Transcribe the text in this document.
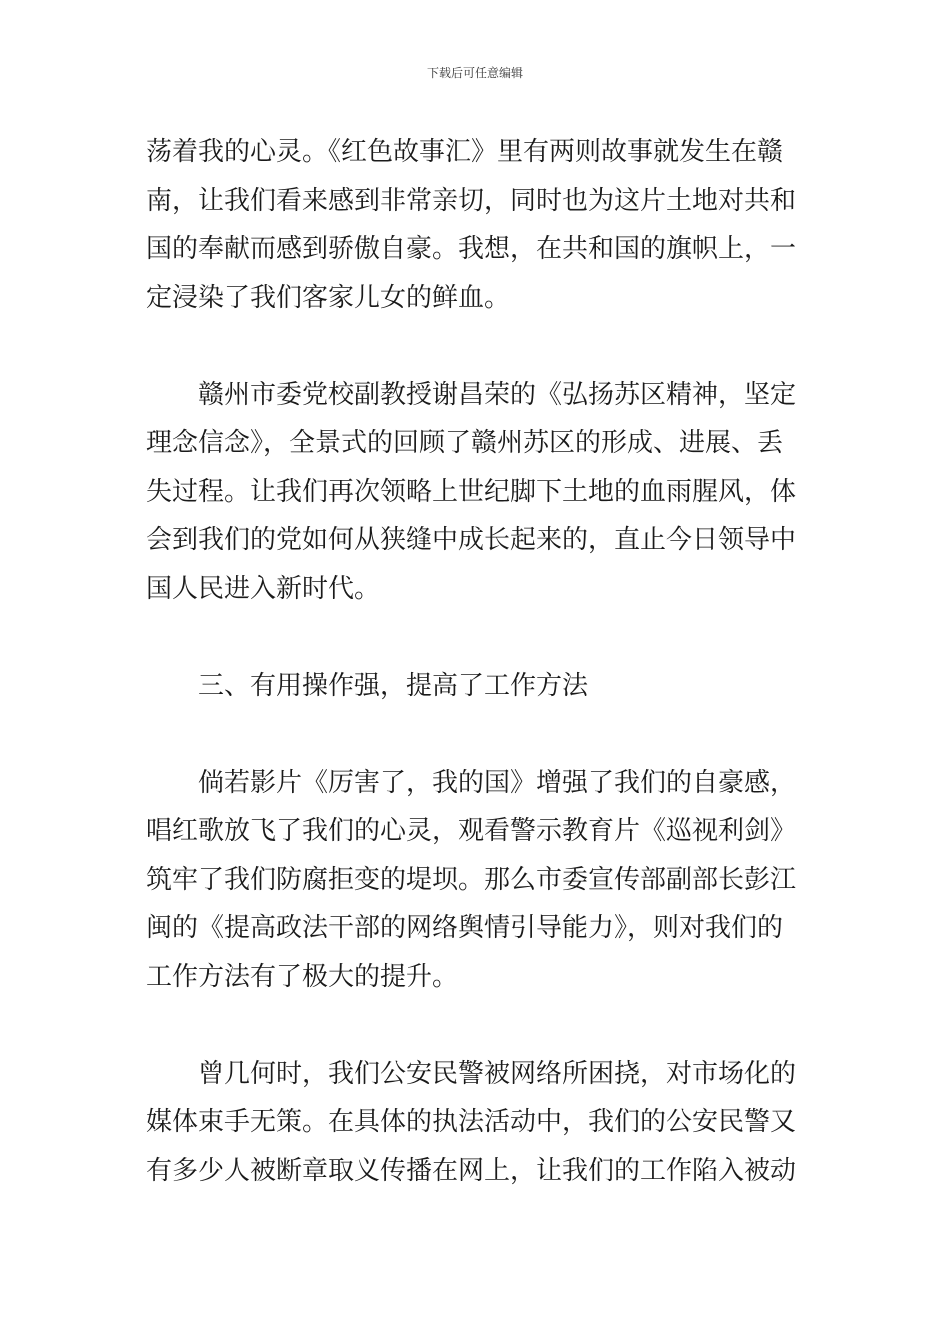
下载后可任意编辑

荡着我的心灵。《红色故事汇》里有两则故事就发生在赣
南，让我们看来感到非常亲切，同时也为这片土地对共和
国的奉献而感到骄傲自豪。我想，在共和国的旗帜上，一
定浸染了我们客家儿女的鲜血。

赣州市委党校副教授谢昌荣的《弘扬苏区精神，坚定
理念信念》，全景式的回顾了赣州苏区的形成、进展、丢
失过程。让我们再次领略上世纪脚下土地的血雨腥风，体
会到我们的党如何从狭缝中成长起来的，直止今日领导中
国人民进入新时代。

三、有用操作强，提高了工作方法

倘若影片《厉害了，我的国》增强了我们的自豪感，
唱红歌放飞了我们的心灵，观看警示教育片《巡视利剑》
筑牢了我们防腐拒变的堤坝。那么市委宣传部副部长彭江
闽的《提高政法干部的网络舆情引导能力》，则对我们的
工作方法有了极大的提升。

曾几何时，我们公安民警被网络所困挠，对市场化的
媒体束手无策。在具体的执法活动中，我们的公安民警又
有多少人被断章取义传播在网上，让我们的工作陷入被动
